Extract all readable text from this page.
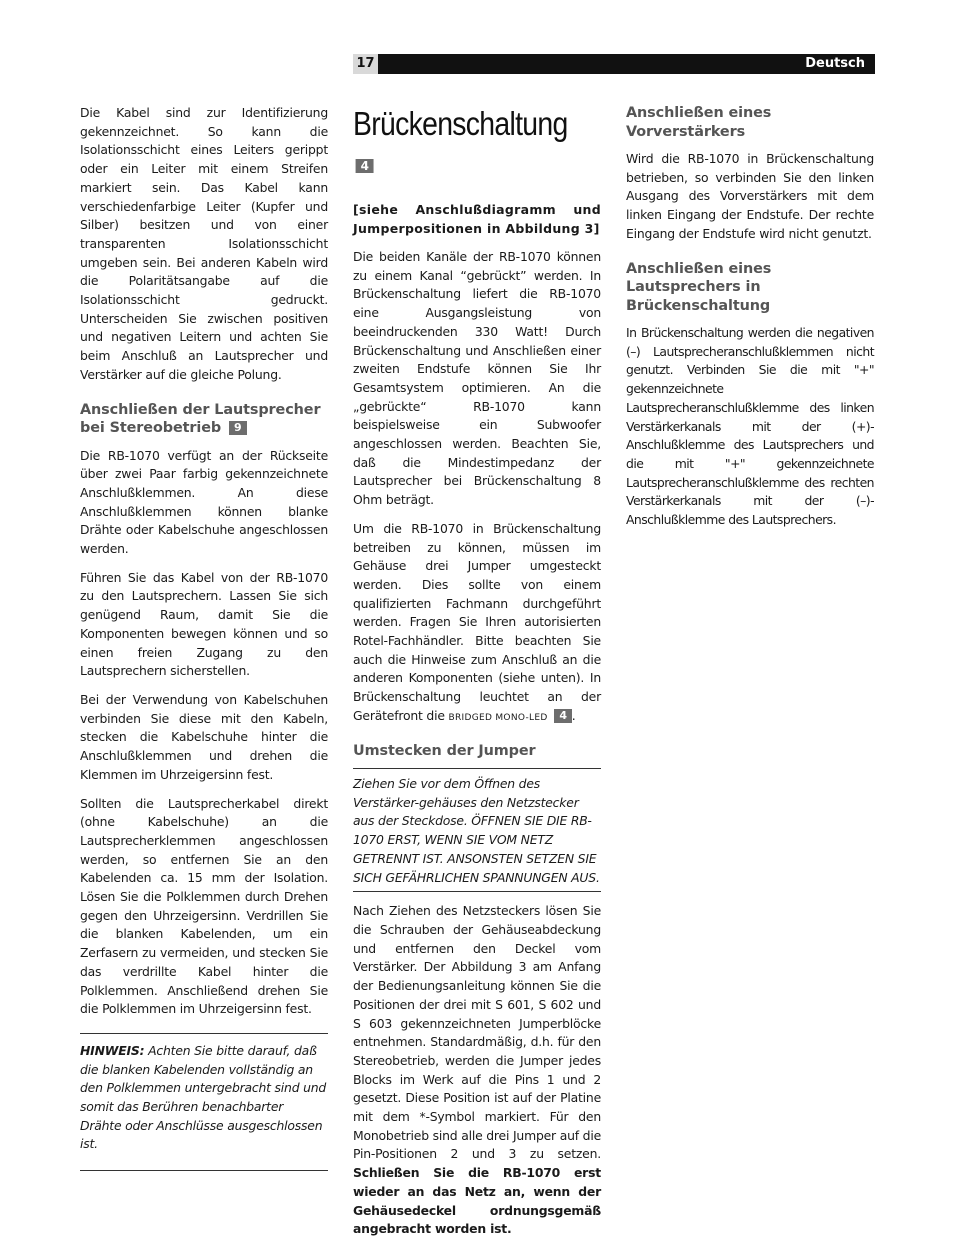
17	Deutsch

Die Kabel sind zur Identifizierung gekennzeichnet. So kann die Isolationsschicht eines Leiters gerippt oder ein Leiter mit einem Streifen markiert sein. Das Kabel kann verschiedenfarbige Leiter (Kupfer und Silber) besitzen und von einer transparenten Isolationsschicht umgeben sein. Bei anderen Kabeln wird die Polaritätsangabe auf die Isolationsschicht gedruckt. Unterscheiden Sie zwischen positiven und negativen Leitern und achten Sie beim Anschluß an Lautsprecher und Verstärker auf die gleiche Polung.

Anschließen der Lautsprecher bei Stereobetrieb 9

Die RB-1070 verfügt an der Rückseite über zwei Paar farbig gekennzeichnete Anschlußklemmen. An diese Anschlußklemmen können blanke Drähte oder Kabelschuhe angeschlossen werden.

Führen Sie das Kabel von der RB-1070 zu den Lautsprechern. Lassen Sie sich genügend Raum, damit Sie die Komponenten bewegen können und so einen freien Zugang zu den Lautsprechern sicherstellen.

Bei der Verwendung von Kabelschuhen verbinden Sie diese mit den Kabeln, stecken die Kabelschuhe hinter die Anschlußklemmen und drehen die Klemmen im Uhrzeigersinn fest.

Sollten die Lautsprecherkabel direkt (ohne Kabelschuhe) an die Lautsprecherklemmen angeschlossen werden, so entfernen Sie an den Kabelenden ca. 15 mm der Isolation. Lösen Sie die Polklemmen durch Drehen gegen den Uhrzeigersinn. Verdrillen Sie die blanken Kabelenden, um ein Zerfasern zu vermeiden, und stecken Sie das verdrillte Kabel hinter die Polklemmen. Anschließend drehen Sie die Polklemmen im Uhrzeigersinn fest.

HINWEIS: Achten Sie bitte darauf, daß die blanken Kabelenden vollständig an den Polklemmen untergebracht sind und somit das Berühren benachbarter Drähte oder Anschlüsse ausgeschlossen ist.

Brückenschaltung 4

[siehe Anschlußdiagramm und Jumperpositionen in Abbildung 3]

Die beiden Kanäle der RB-1070 können zu einem Kanal “gebrückt” werden. In Brückenschaltung liefert die RB-1070 eine Ausgangsleistung von beeindruckenden 330 Watt! Durch Brückenschaltung und Anschließen einer zweiten Endstufe können Sie Ihr Gesamtsystem optimieren. An die „gebrückte“ RB-1070 kann beispielsweise ein Subwoofer angeschlossen werden. Beachten Sie, daß die Mindestimpedanz der Lautsprecher bei Brückenschaltung 8 Ohm beträgt.

Um die RB-1070 in Brückenschaltung betreiben zu können, müssen im Gehäuse drei Jumper umgesteckt werden. Dies sollte von einem qualifizierten Fachmann durchgeführt werden. Fragen Sie Ihren autorisierten Rotel-Fachhändler. Bitte beachten Sie auch die Hinweise zum Anschluß an die anderen Komponenten (siehe unten). In Brückenschaltung leuchtet an der Gerätefront die BRIDGED MONO-LED 4 .

Umstecken der Jumper

Ziehen Sie vor dem Öffnen des Verstärker-gehäuses den Netzstecker aus der Steckdose. ÖFFNEN SIE DIE RB-1070 ERST, WENN SIE VOM NETZ GETRENNT IST. ANSONSTEN SETZEN SIE SICH GEFÄHRLICHEN SPANNUNGEN AUS.

Nach Ziehen des Netzsteckers lösen Sie die Schrauben der Gehäuseabdeckung und entfernen den Deckel vom Verstärker. Der Abbildung 3 am Anfang der Bedienungsanleitung können Sie die Positionen der drei mit S 601, S 602 und S 603 gekennzeichneten Jumperblöcke entnehmen. Standardmäßig, d.h. für den Stereobetrieb, werden die Jumper jedes Blocks im Werk auf die Pins 1 und 2 gesetzt. Diese Position ist auf der Platine mit dem *-Symbol markiert. Für den Monobetrieb sind alle drei Jumper auf die Pin-Positionen 2 und 3 zu setzen. Schließen Sie die RB-1070 erst wieder an das Netz an, wenn der Gehäusedeckel ordnungsgemäß angebracht worden ist.

Anschließen eines Vorverstärkers

Wird die RB-1070 in Brückenschaltung betrieben, so verbinden Sie den linken Ausgang des Vorverstärkers mit dem linken Eingang der Endstufe. Der rechte Eingang der Endstufe wird nicht genutzt.

Anschließen eines Lautsprechers in Brückenschaltung

In Brückenschaltung werden die negativen (–) Lautsprecheranschlußklemmen nicht genutzt. Verbinden Sie die mit "+" gekennzeichnete Lautsprecheranschlußklemme des linken Verstärkerkanals mit der (+)-Anschlußklemme des Lautsprechers und die mit "+" gekennzeichnete Lautsprecheranschlußklemme des rechten Verstärkerkanals mit der (–)-Anschlußklemme des Lautsprechers.
